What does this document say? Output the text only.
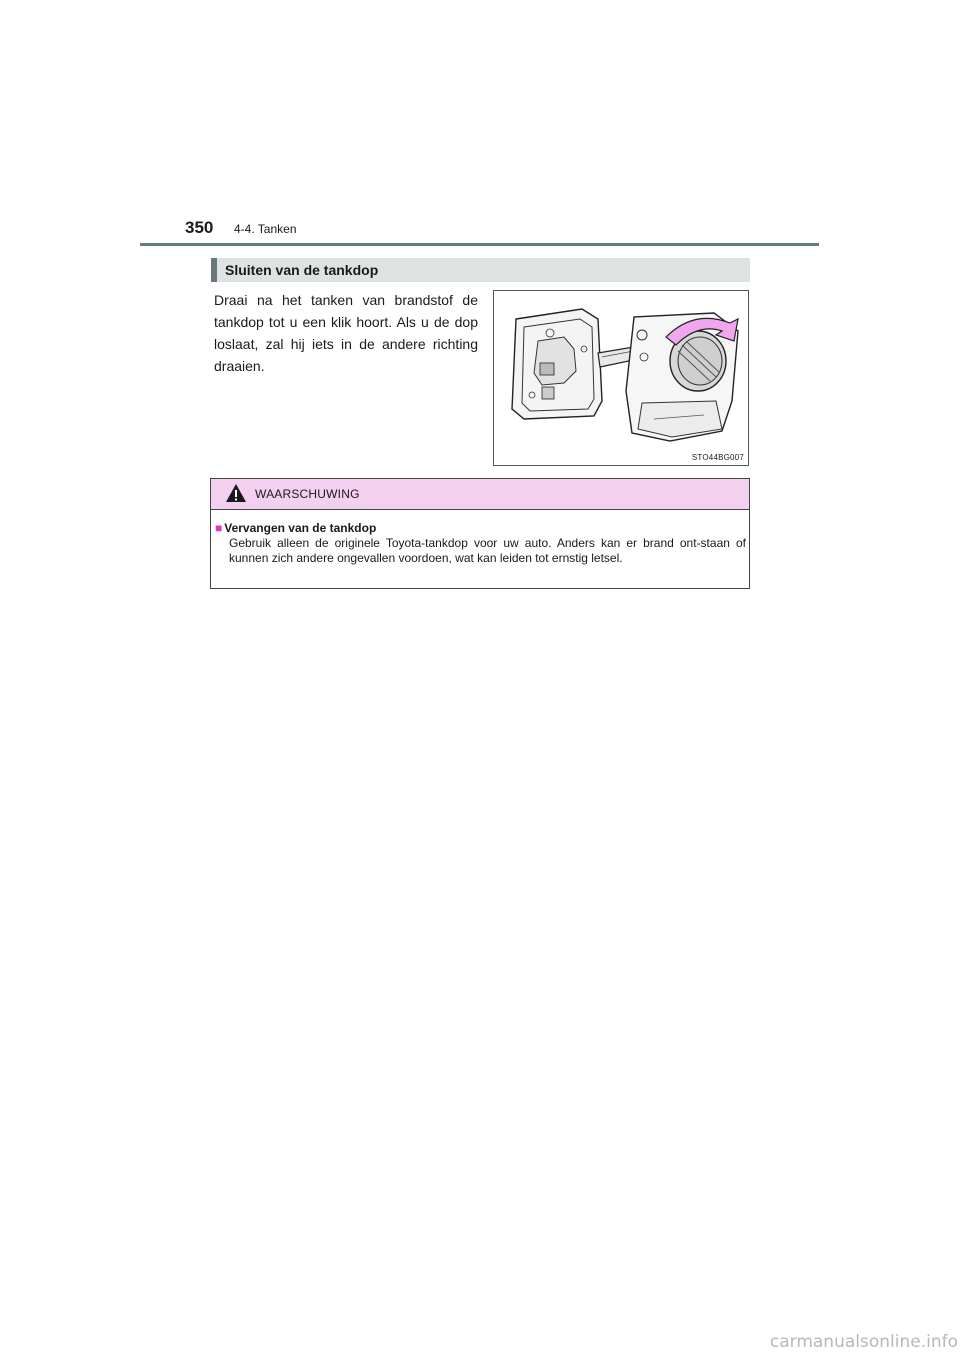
350 4-4. Tanken
Sluiten van de tankdop
Draai na het tanken van brandstof de tankdop tot u een klik hoort. Als u de dop loslaat, zal hij iets in de andere richting draaien.
STO44BG007
WAARSCHUWING
■ Vervangen van de tankdop
Gebruik alleen de originele Toyota-tankdop voor uw auto. Anders kan er brand ont-staan of kunnen zich andere ongevallen voordoen, wat kan leiden tot ernstig letsel.
carmanualsonline.info
